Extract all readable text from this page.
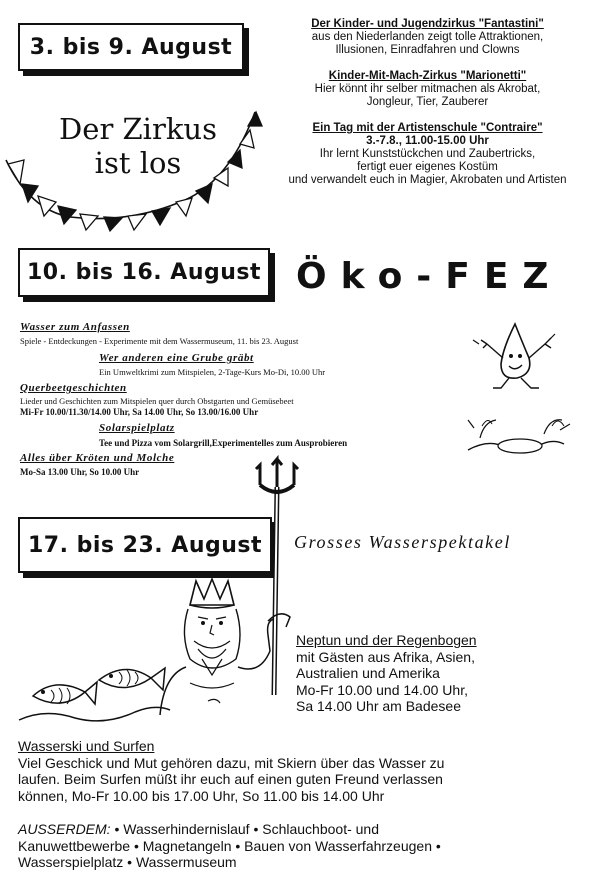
3. bis 9. August
Der Zirkus
ist los
Der Kinder- und Jugendzirkus "Fantastini"
aus den Niederlanden zeigt tolle Attraktionen,
Illusionen, Einradfahren und Clowns
Kinder-Mit-Mach-Zirkus "Marionetti"
Hier könnt ihr selber mitmachen als Akrobat,
Jongleur, Tier, Zauberer
Ein Tag mit der Artistenschule "Contraire"
3.-7.8., 11.00-15.00 Uhr
Ihr lernt Kunststückchen und Zaubertricks,
fertigt euer eigenes Kostüm
und verwandelt euch in Magier, Akrobaten und Artisten
10. bis 16. August Öko-FEZ
Wasser zum Anfassen
Spiele - Entdeckungen - Experimente mit dem Wassermuseum, 11. bis 23. August
Wer anderen eine Grube gräbt
Ein Umweltkrimi zum Mitspielen, 2-Tage-Kurs Mo-Di, 10.00 Uhr
Querbeetgeschichten
Lieder und Geschichten zum Mitspielen quer durch Obstgarten und Gemüsebeet
Mi-Fr 10.00/11.30/14.00 Uhr, Sa 14.00 Uhr, So 13.00/16.00 Uhr
Solarspielplatz
Tee und Pizza vom Solargrill,Experimentelles zum Ausprobieren
Alles über Kröten und Molche
Mo-Sa 13.00 Uhr, So 10.00 Uhr
17. bis 23. August Grosses Wasserspektakel
Neptun und der Regenbogen
mit Gästen aus Afrika, Asien,
Australien und Amerika
Mo-Fr 10.00 und 14.00 Uhr,
Sa 14.00 Uhr am Badesee
Wasserski und Surfen
Viel Geschick und Mut gehören dazu, mit Skiern über das Wasser zu
laufen. Beim Surfen müßt ihr euch auf einen guten Freund verlassen
können, Mo-Fr 10.00 bis 17.00 Uhr, So 11.00 bis 14.00 Uhr
AUSSERDEM: • Wasserhindernislauf • Schlauchboot- und
Kanuwettbewerbe • Magnetangeln • Bauen von Wasserfahrzeugen •
Wasserspielplatz • Wassermuseum
